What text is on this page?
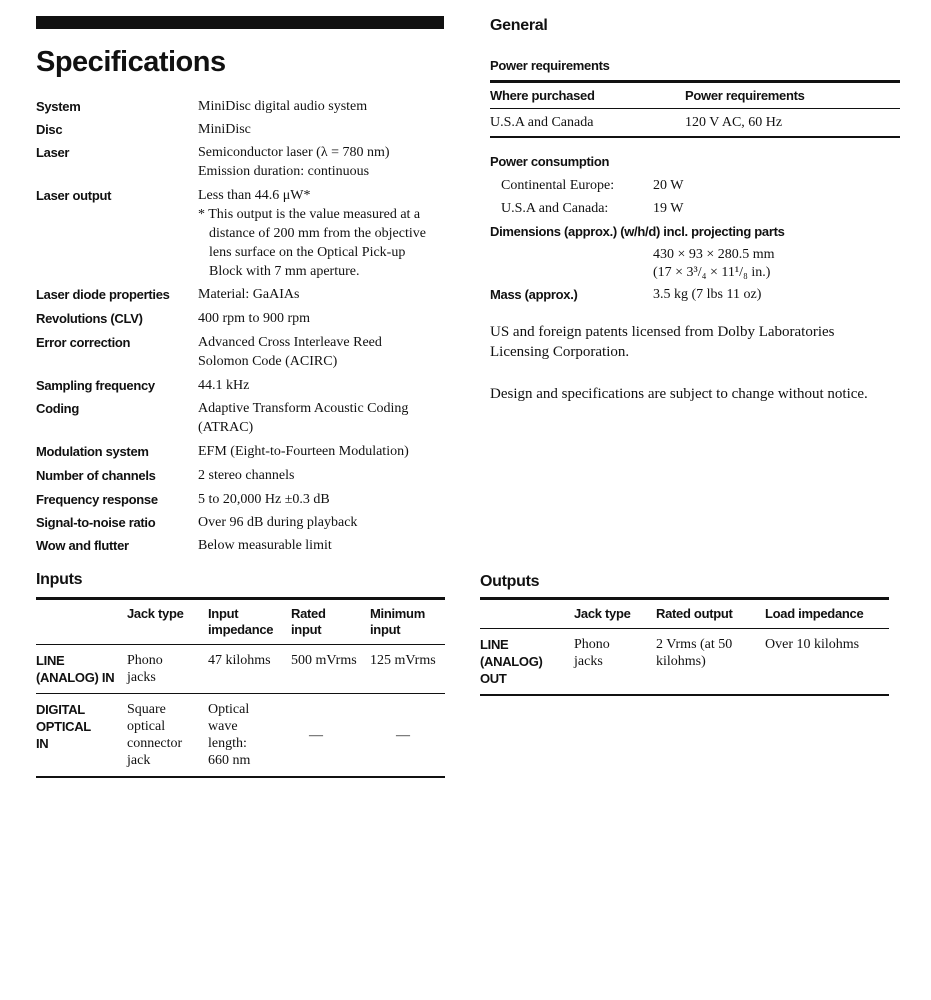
Specifications
System	MiniDisc digital audio system
Disc	MiniDisc
Laser	Semiconductor laser (λ = 780 nm)
Emission duration: continuous
Laser output	Less than 44.6 μW*
* This output is the value measured at a
distance of 200 mm from the objective
lens surface on the Optical Pick-up
Block with 7 mm aperture.
Laser diode properties	Material: GaAIAs
Revolutions (CLV)	400 rpm to 900 rpm
Error correction	Advanced Cross Interleave Reed
Solomon Code (ACIRC)
Sampling frequency	44.1 kHz
Coding	Adaptive Transform Acoustic Coding
(ATRAC)
Modulation system	EFM (Eight-to-Fourteen Modulation)
Number of channels	2 stereo channels
Frequency response	5 to 20,000 Hz ±0.3 dB
Signal-to-noise ratio	Over 96 dB during playback
Wow and flutter	Below measurable limit
Inputs
	Jack type	Input impedance	Rated input	Minimum input
LINE (ANALOG) IN	Phono jacks	47 kilohms	500 mVrms	125 mVrms
DIGITAL OPTICAL IN	Square optical connector jack	Optical wave length: 660 nm	—	—
Outputs
	Jack type	Rated output	Load impedance
LINE (ANALOG) OUT	Phono jacks	2 Vrms (at 50 kilohms)	Over 10 kilohms
General
Power requirements
Where purchased	Power requirements
U.S.A and Canada	120 V AC, 60 Hz
Power consumption
Continental Europe:	20 W
U.S.A and Canada:	19 W
Dimensions (approx.) (w/h/d) incl. projecting parts
430 × 93 × 280.5 mm
(17 × 3³/₄ × 11¹/₈ in.)
Mass (approx.)	3.5 kg (7 lbs 11 oz)
US and foreign patents licensed from Dolby Laboratories Licensing Corporation.
Design and specifications are subject to change without notice.
